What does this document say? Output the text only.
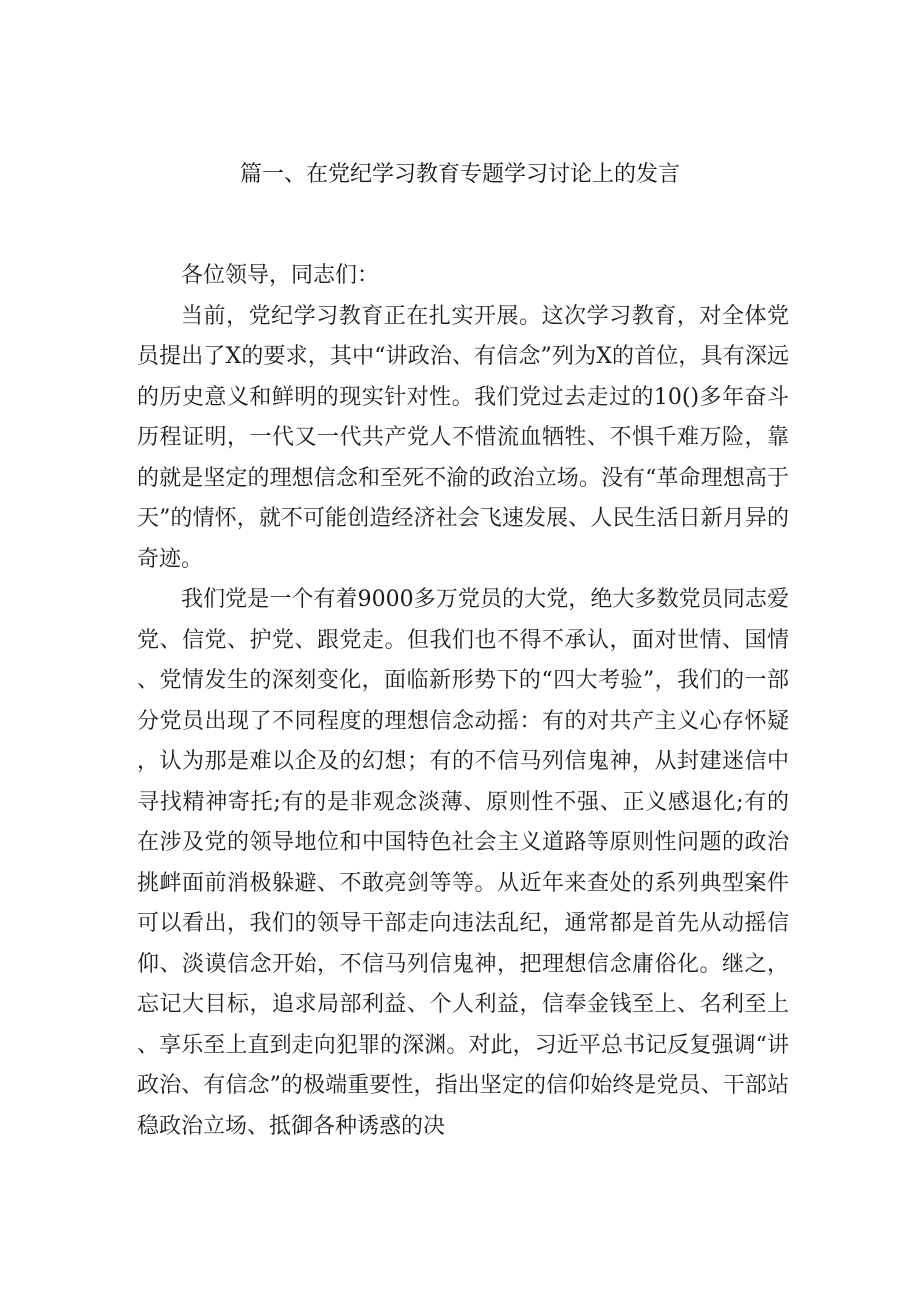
篇一、在党纪学习教育专题学习讨论上的发言

各位领导，同志们：

当前，党纪学习教育正在扎实开展。这次学习教育，对全体党员提出了X的要求，其中“讲政治、有信念”列为X的首位，具有深远的历史意义和鲜明的现实针对性。我们党过去走过的10()多年奋斗历程证明，一代又一代共产党人不惜流血牺牲、不惧千难万险，靠的就是坚定的理想信念和至死不渝的政治立场。没有“革命理想高于天”的情怀，就不可能创造经济社会飞速发展、人民生活日新月异的奇迹。

我们党是一个有着9000多万党员的大党，绝大多数党员同志爱党、信党、护党、跟党走。但我们也不得不承认，面对世情、国情、党情发生的深刻变化，面临新形势下的“四大考验”，我们的一部分党员出现了不同程度的理想信念动摇：有的对共产主义心存怀疑，认为那是难以企及的幻想；有的不信马列信鬼神，从封建迷信中寻找精神寄托;有的是非观念淡薄、原则性不强、正义感退化;有的在涉及党的领导地位和中国特色社会主义道路等原则性问题的政治挑衅面前消极躲避、不敢亮剑等等。从近年来查处的系列典型案件可以看出，我们的领导干部走向违法乱纪，通常都是首先从动摇信仰、淡谟信念开始，不信马列信鬼神，把理想信念庸俗化。继之，忘记大目标，追求局部利益、个人利益，信奉金钱至上、名利至上、享乐至上直到走向犯罪的深渊。对此，习近平总书记反复强调“讲政治、有信念”的极端重要性，指出坚定的信仰始终是党员、干部站稳政治立场、抵御各种诱惑的决
